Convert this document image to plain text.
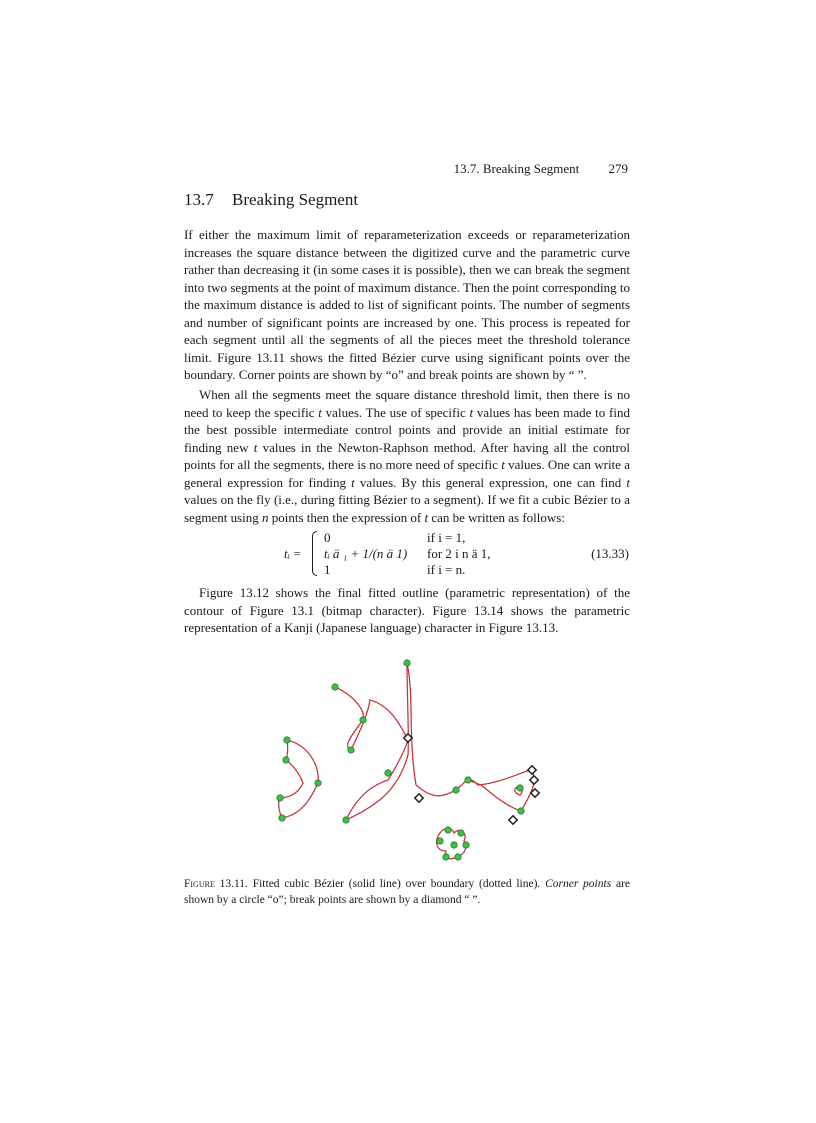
13.7. Breaking Segment 279
13.7 Breaking Segment

If either the maximum limit of reparameterization exceeds or reparameterization increases the square distance between the digitized curve and the parametric curve rather than decreasing it (in some cases it is possible), then we can break the segment into two segments at the point of maximum distance. Then the point corresponding to the maximum distance is added to list of significant points. The number of segments and number of significant points are increased by one. This process is repeated for each segment until all the segments of all the pieces meet the threshold tolerance limit. Figure 13.11 shows the fitted Bézier curve using significant points over the boundary. Corner points are shown by “o” and break points are shown by “ ”.

When all the segments meet the square distance threshold limit, then there is no need to keep the specific t values. The use of specific t values has been made to find the best possible intermediate control points and provide an initial estimate for finding new t values in the Newton-Raphson method. After having all the control points for all the segments, there is no more need of specific t values. One can write a general expression for finding t values. By this general expression, one can find t values on the fly (i.e., during fitting Bézier to a segment). If we fit a cubic Bézier to a segment using n points then the expression of t can be written as follows:

tᵢ =
0
tᵢ ä ₁ + 1/(n ä 1)
1
if i = 1,
for 2 i n ä 1,
if i = n.
(13.33)

Figure 13.12 shows the final fitted outline (parametric representation) of the contour of Figure 13.1 (bitmap character). Figure 13.14 shows the parametric representation of a Kanji (Japanese language) character in Figure 13.13.

Figure 13.11. Fitted cubic Bézier (solid line) over boundary (dotted line). Corner points are shown by a circle “o”; break points are shown by a diamond “ ”.
